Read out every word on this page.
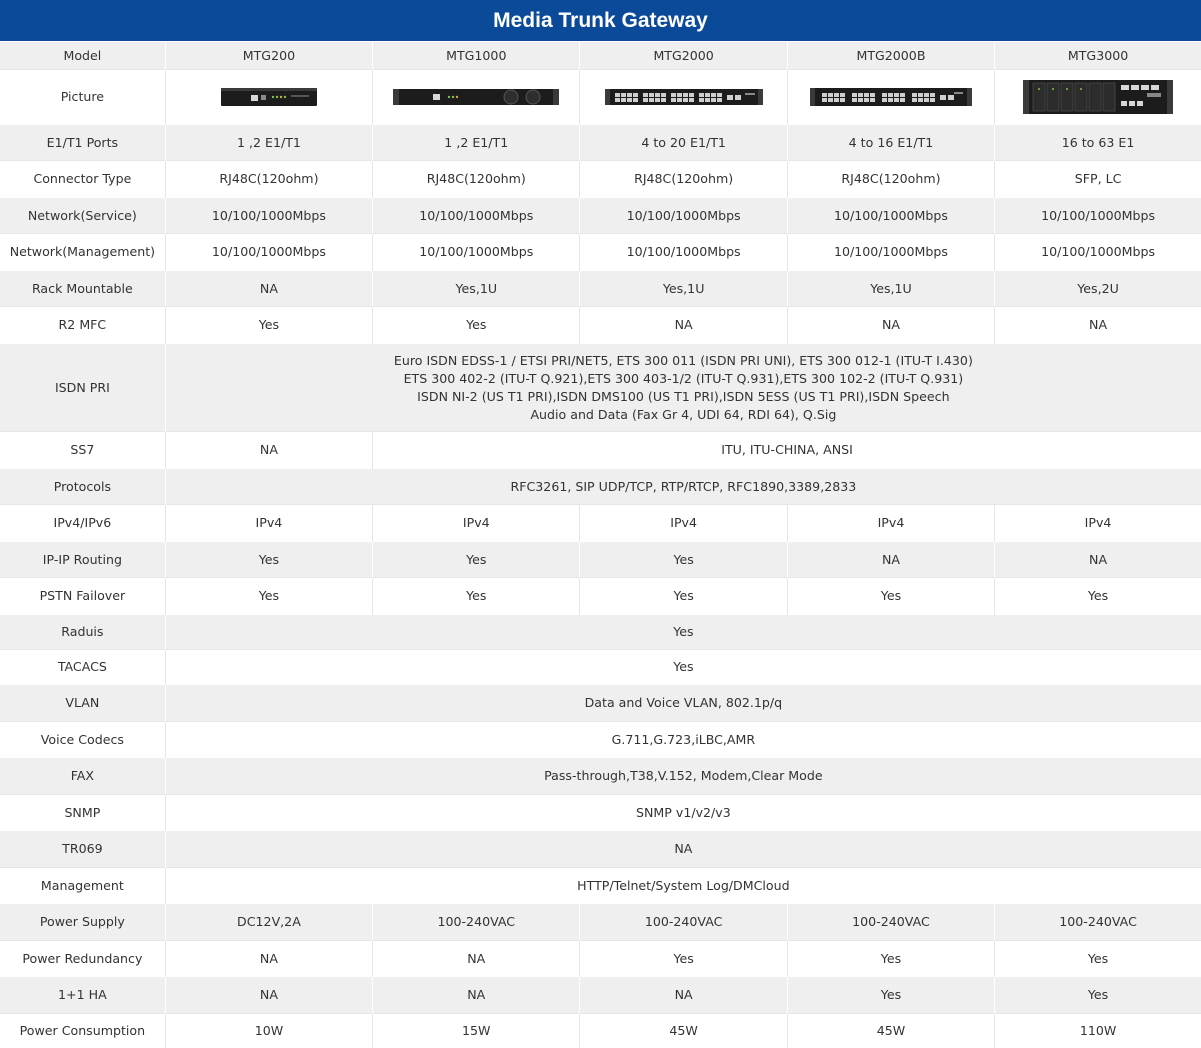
Media Trunk Gateway
Model	MTG200	MTG1000	MTG2000	MTG2000B	MTG3000
Picture	

E1/T1 Ports	1 ,2 E1/T1	1 ,2 E1/T1	4 to 20 E1/T1	4 to 16 E1/T1	16 to 63 E1
Connector Type	RJ48C(120ohm)	RJ48C(120ohm)	RJ48C(120ohm)	RJ48C(120ohm)	SFP, LC
Network(Service)	10/100/1000Mbps	10/100/1000Mbps	10/100/1000Mbps	10/100/1000Mbps	10/100/1000Mbps
Network(Management)	10/100/1000Mbps	10/100/1000Mbps	10/100/1000Mbps	10/100/1000Mbps	10/100/1000Mbps
Rack Mountable	NA	Yes,1U	Yes,1U	Yes,1U	Yes,2U
R2 MFC	Yes	Yes	NA	NA	NA
ISDN PRI	Euro ISDN EDSS-1 / ETSI PRI/NET5, ETS 300 011 (ISDN PRI UNI), ETS 300 012-1 (ITU-T I.430)
ETS 300 402-2 (ITU-T Q.921),ETS 300 403-1/2 (ITU-T Q.931),ETS 300 102-2 (ITU-T Q.931)
ISDN NI-2 (US T1 PRI),ISDN DMS100 (US T1 PRI),ISDN 5ESS (US T1 PRI),ISDN Speech
Audio and Data (Fax Gr 4, UDI 64, RDI 64), Q.Sig				

SS7	NA	ITU, ITU-CHINA, ANSI			
Protocols	RFC3261, SIP UDP/TCP, RTP/RTCP, RFC1890,3389,2833				
IPv4/IPv6	IPv4	IPv4	IPv4	IPv4	IPv4
IP-IP Routing	Yes	Yes	Yes	NA	NA
PSTN Failover	Yes	Yes	Yes	Yes	Yes
Raduis	Yes				
TACACS	Yes				
VLAN	Data and Voice VLAN, 802.1p/q				
Voice Codecs	G.711,G.723,iLBC,AMR				
FAX	Pass-through,T38,V.152, Modem,Clear Mode				
SNMP	SNMP v1/v2/v3				
TR069	NA				
Management	HTTP/Telnet/System Log/DMCloud				
Power Supply	DC12V,2A	100-240VAC	100-240VAC	100-240VAC	100-240VAC
Power Redundancy	NA	NA	Yes	Yes	Yes
1+1 HA	NA	NA	NA	Yes	Yes
Power Consumption	10W	15W	45W	45W	110W
